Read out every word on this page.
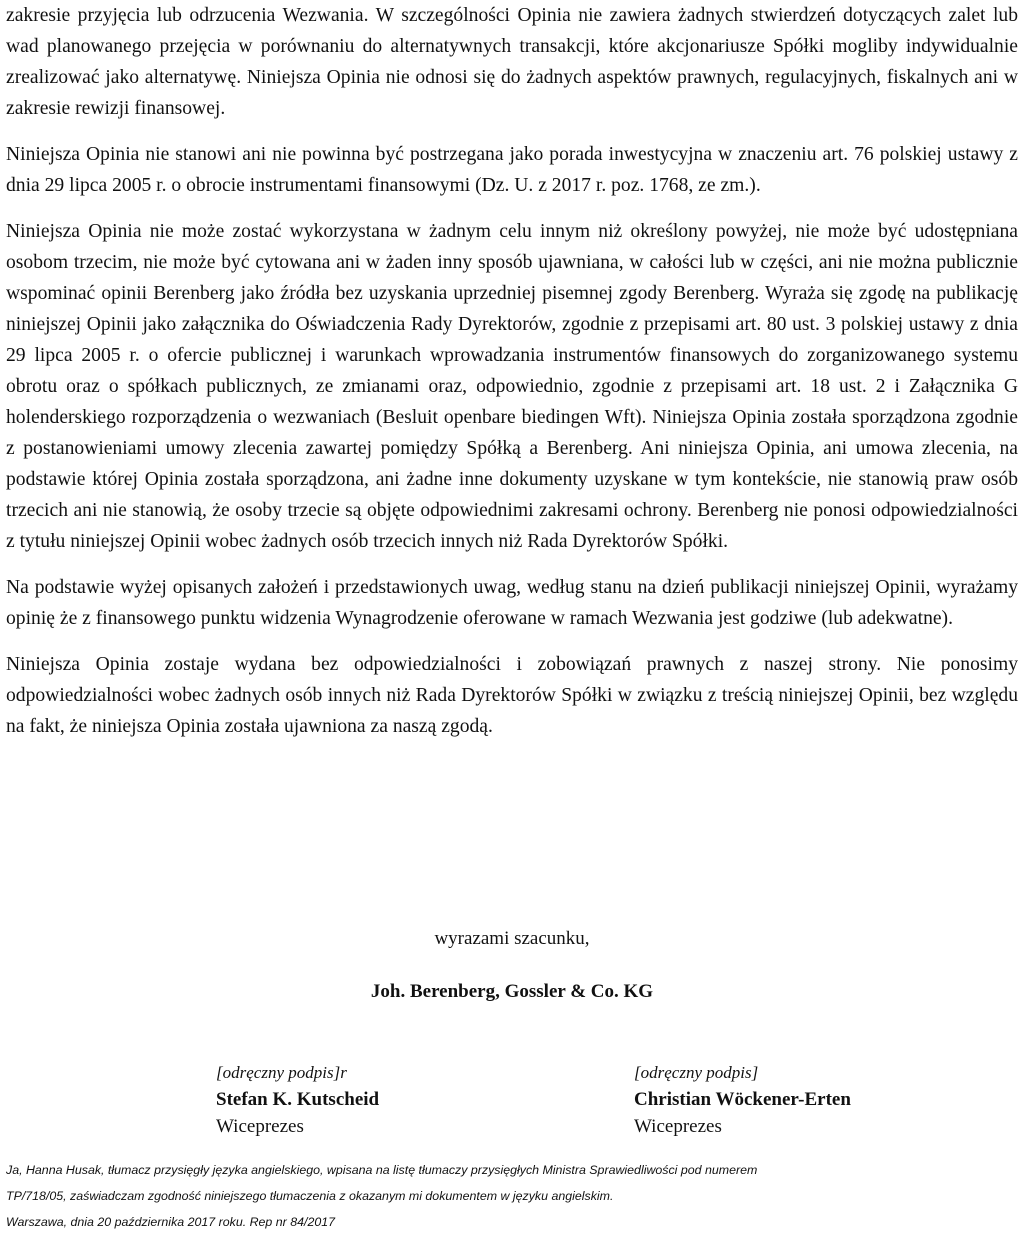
zakresie przyjęcia lub odrzucenia Wezwania. W szczególności Opinia nie zawiera żadnych stwierdzeń dotyczących zalet lub wad planowanego przejęcia w porównaniu do alternatywnych transakcji, które akcjonariusze Spółki mogliby indywidualnie zrealizować jako alternatywę. Niniejsza Opinia nie odnosi się do żadnych aspektów prawnych, regulacyjnych, fiskalnych ani w zakresie rewizji finansowej.

Niniejsza Opinia nie stanowi ani nie powinna być postrzegana jako porada inwestycyjna w znaczeniu art. 76 polskiej ustawy z dnia 29 lipca 2005 r. o obrocie instrumentami finansowymi (Dz. U. z 2017 r. poz. 1768, ze zm.).

Niniejsza Opinia nie może zostać wykorzystana w żadnym celu innym niż określony powyżej, nie może być udostępniana osobom trzecim, nie może być cytowana ani w żaden inny sposób ujawniana, w całości lub w części, ani nie można publicznie wspominać opinii Berenberg jako źródła bez uzyskania uprzedniej pisemnej zgody Berenberg. Wyraża się zgodę na publikację niniejszej Opinii jako załącznika do Oświadczenia Rady Dyrektorów, zgodnie z przepisami art. 80 ust. 3 polskiej ustawy z dnia 29 lipca 2005 r. o ofercie publicznej i warunkach wprowadzania instrumentów finansowych do zorganizowanego systemu obrotu oraz o spółkach publicznych, ze zmianami oraz, odpowiednio, zgodnie z przepisami art. 18 ust. 2 i Załącznika G holenderskiego rozporządzenia o wezwaniach (Besluit openbare biedingen Wft). Niniejsza Opinia została sporządzona zgodnie z postanowieniami umowy zlecenia zawartej pomiędzy Spółką a Berenberg. Ani niniejsza Opinia, ani umowa zlecenia, na podstawie której Opinia została sporządzona, ani żadne inne dokumenty uzyskane w tym kontekście, nie stanowią praw osób trzecich ani nie stanowią, że osoby trzecie są objęte odpowiednimi zakresami ochrony. Berenberg nie ponosi odpowiedzialności z tytułu niniejszej Opinii wobec żadnych osób trzecich innych niż Rada Dyrektorów Spółki.

Na podstawie wyżej opisanych założeń i przedstawionych uwag, według stanu na dzień publikacji niniejszej Opinii, wyrażamy opinię że z finansowego punktu widzenia Wynagrodzenie oferowane w ramach Wezwania jest godziwe (lub adekwatne).

Niniejsza Opinia zostaje wydana bez odpowiedzialności i zobowiązań prawnych z naszej strony. Nie ponosimy odpowiedzialności wobec żadnych osób innych niż Rada Dyrektorów Spółki w związku z treścią niniejszej Opinii, bez względu na fakt, że niniejsza Opinia została ujawniona za naszą zgodą.

wyrazami szacunku,
Joh. Berenberg, Gossler & Co. KG
[odręczny podpis]r
Stefan K. Kutscheid
Wiceprezes
[odręczny podpis]
Christian Wöckener-Erten
Wiceprezes
Ja, Hanna Husak, tłumacz przysięgły języka angielskiego, wpisana na listę tłumaczy przysięgłych Ministra Sprawiedliwości pod numerem
TP/718/05, zaświadczam zgodność niniejszego tłumaczenia z okazanym mi dokumentem w języku angielskim.
Warszawa, dnia 20 października 2017 roku. Rep nr 84/2017
